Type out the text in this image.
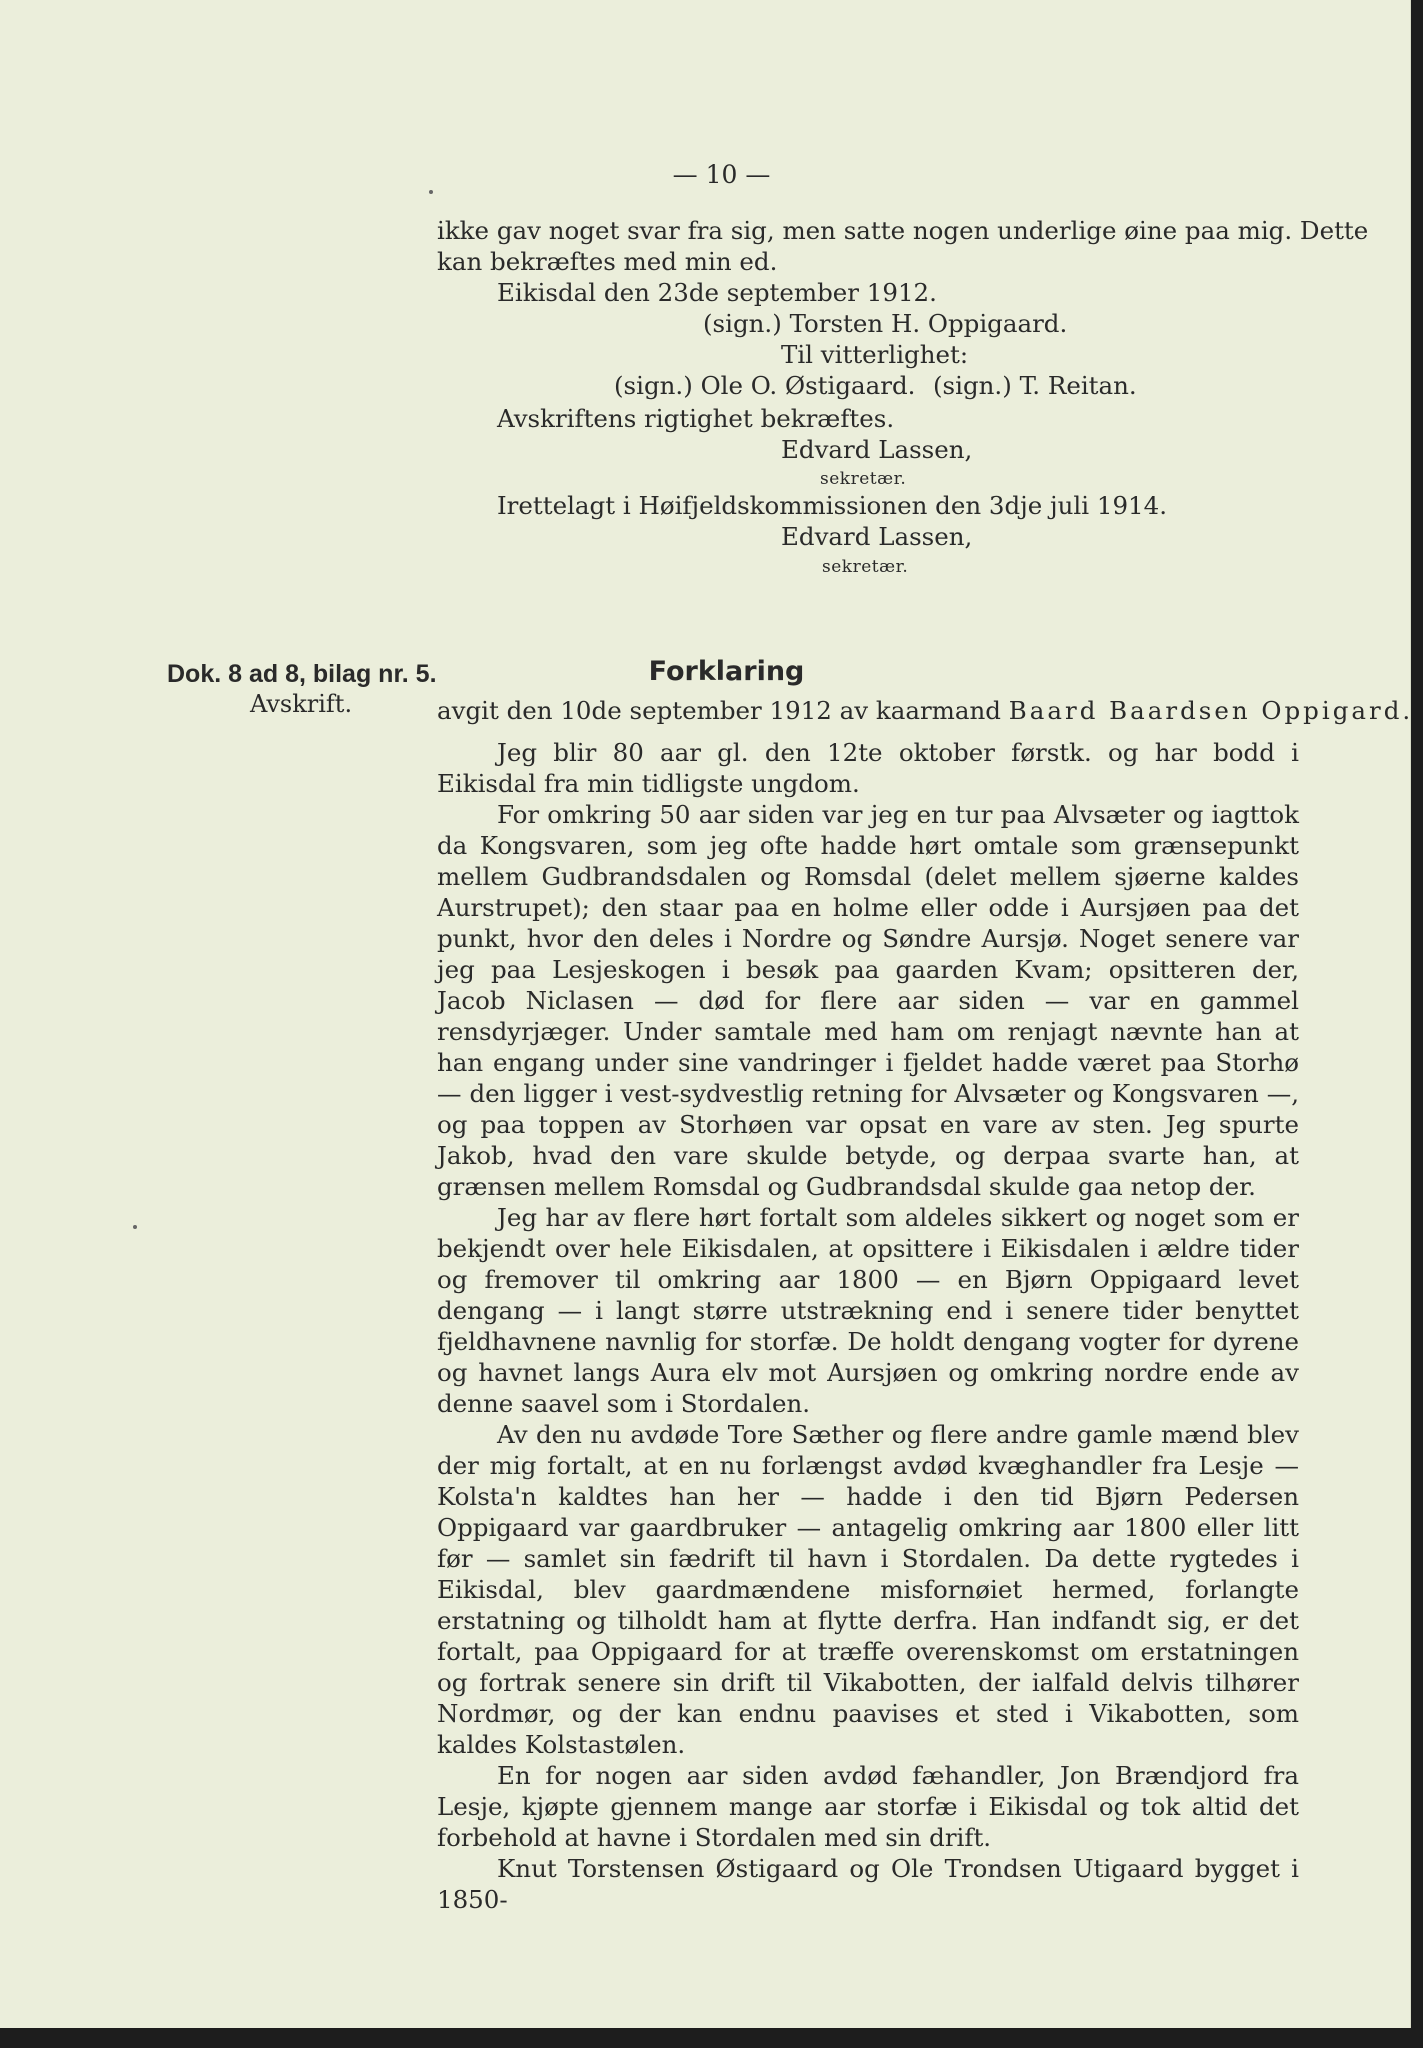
— 10 —
ikke gav noget svar fra sig, men satte nogen underlige øine paa mig. Dette
kan bekræftes med min ed.
Eikisdal den 23de september 1912.
(sign.) Torsten H. Oppigaard.
Til vitterlighet:
(sign.) Ole O. Østigaard. (sign.) T. Reitan.
Avskriftens rigtighet bekræftes.
Edvard Lassen,
sekretær.
Irettelagt i Høifjeldskommissionen den 3dje juli 1914.
Edvard Lassen,
sekretær.
Dok. 8 ad 8, bilag nr. 5.
Avskrift.
Forklaring
avgit den 10de september 1912 av kaarmand Baard Baardsen Oppigard.

Jeg blir 80 aar gl. den 12te oktober førstk. og har bodd i Eikisdal fra min tidligste ungdom.

For omkring 50 aar siden var jeg en tur paa Alvsæter og iagttok da Kongsvaren, som jeg ofte hadde hørt omtale som grænsepunkt mellem Gudbrandsdalen og Romsdal (delet mellem sjøerne kaldes Aurstrupet); den staar paa en holme eller odde i Aursjøen paa det punkt, hvor den deles i Nordre og Søndre Aursjø. Noget senere var jeg paa Lesjeskogen i besøk paa gaarden Kvam; opsitteren der, Jacob Niclasen — død for flere aar siden — var en gammel rensdyrjæger. Under samtale med ham om renjagt nævnte han at han engang under sine vandringer i fjeldet hadde været paa Storhø — den ligger i vest-sydvestlig retning for Alvsæter og Kongsvaren —, og paa toppen av Storhøen var opsat en vare av sten. Jeg spurte Jakob, hvad den vare skulde betyde, og derpaa svarte han, at grænsen mellem Romsdal og Gudbrandsdal skulde gaa netop der.

Jeg har av flere hørt fortalt som aldeles sikkert og noget som er bekjendt over hele Eikisdalen, at opsittere i Eikisdalen i ældre tider og fremover til omkring aar 1800 — en Bjørn Oppigaard levet dengang — i langt større utstrækning end i senere tider benyttet fjeldhavnene navnlig for storfæ. De holdt dengang vogter for dyrene og havnet langs Aura elv mot Aursjøen og omkring nordre ende av denne saavel som i Stordalen.

Av den nu avdøde Tore Sæther og flere andre gamle mænd blev der mig fortalt, at en nu forlængst avdød kvæghandler fra Lesje — Kolsta'n kaldtes han her — hadde i den tid Bjørn Pedersen Oppigaard var gaardbruker — antagelig omkring aar 1800 eller litt før — samlet sin fædrift til havn i Stordalen. Da dette rygtedes i Eikisdal, blev gaardmændene misfornøiet hermed, forlangte erstatning og tilholdt ham at flytte derfra. Han indfandt sig, er det fortalt, paa Oppigaard for at træffe overenskomst om erstatningen og fortrak senere sin drift til Vikabotten, der ialfald delvis tilhører Nordmør, og der kan endnu paavises et sted i Vikabotten, som kaldes Kolstastølen.

En for nogen aar siden avdød fæhandler, Jon Brændjord fra Lesje, kjøpte gjennem mange aar storfæ i Eikisdal og tok altid det forbehold at havne i Stordalen med sin drift.

Knut Torstensen Østigaard og Ole Trondsen Utigaard bygget i 1850-
